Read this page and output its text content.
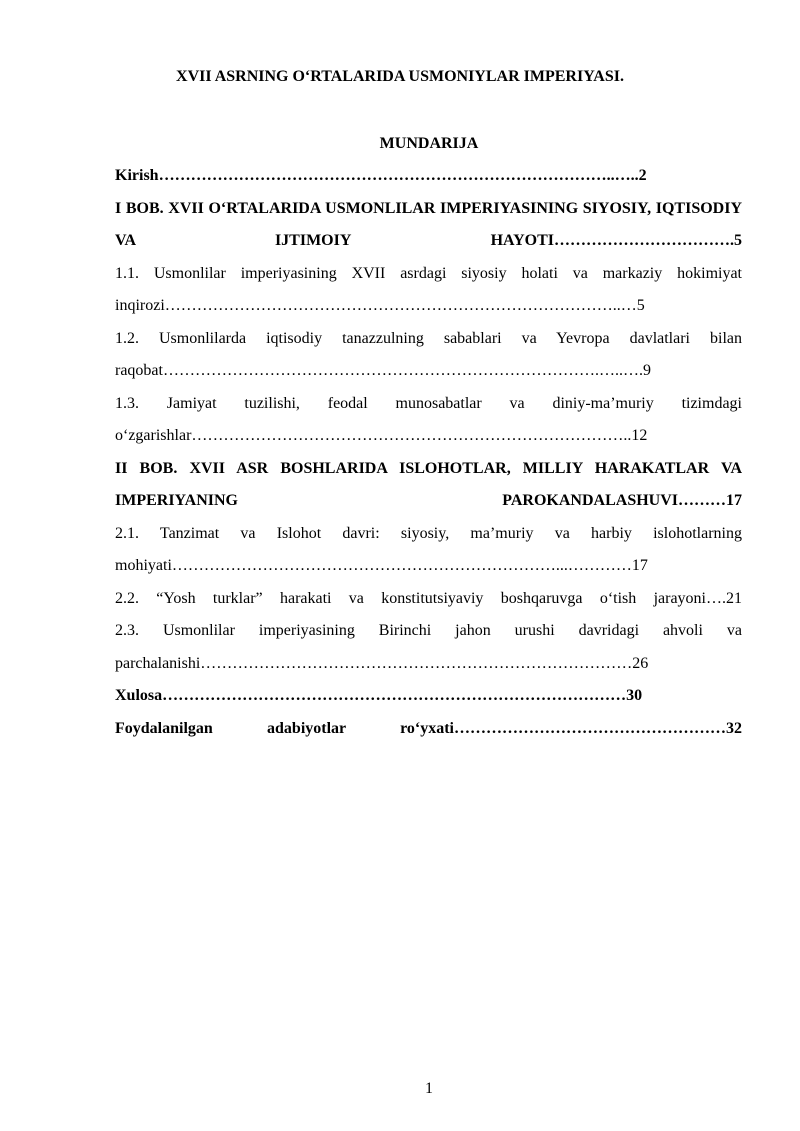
XVII ASRNING O‘RTALARIDA USMONIYLAR IMPERIYASI.
MUNDARIJA

Kirish…………………………………………………………………………..…..2

I BOB. XVII O‘RTALARIDA USMONLILAR IMPERIYASINING SIYOSIY, IQTISODIY VA IJTIMOIY HAYOTI…………………………….5

1.1. Usmonlilar imperiyasining XVII asrdagi siyosiy holati va markaziy hokimiyat inqirozi…………………………………………………………………………..…5

1.2. Usmonlilarda iqtisodiy tanazzulning sabablari va Yevropa davlatlari bilan raqobat……………………………………………………………………….…..….9

1.3. Jamiyat tuzilishi, feodal munosabatlar va diniy-ma’muriy tizimdagi o‘zgarishlar………………………………………………………………………..12

II BOB. XVII ASR BOSHLARIDA ISLOHOTLAR, MILLIY HARAKATLAR VA IMPERIYANING PAROKANDALASHUVI………17

2.1. Tanzimat va Islohot davri: siyosiy, ma’muriy va harbiy islohotlarning mohiyati………………………………………………………………...…………17

2.2. “Yosh turklar” harakati va konstitutsiyaviy boshqaruvga o‘tish jarayoni….21

2.3. Usmonlilar imperiyasining Birinchi jahon urushi davridagi ahvoli va parchalanishi………………………………………………………………………26

Xulosa……………………………………………………………………………30

Foydalanilgan adabiyotlar ro‘yxati……………………………………………32

1
